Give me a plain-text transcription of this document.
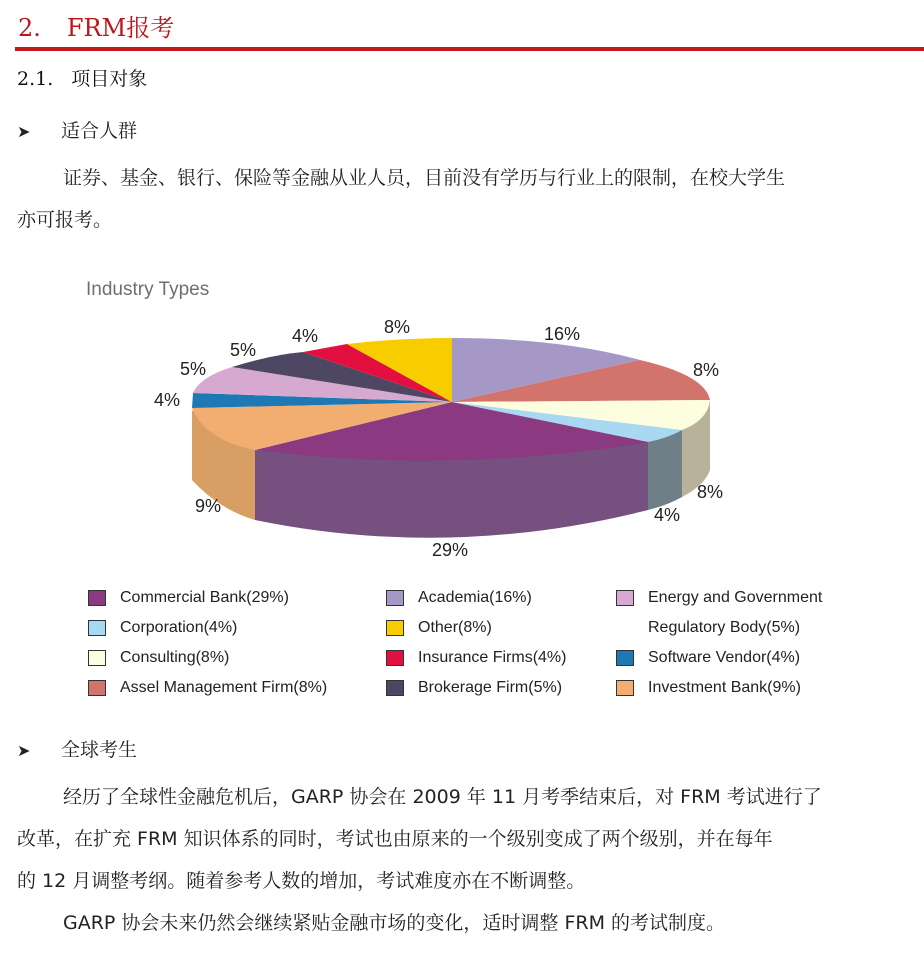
2. FRM报考
2.1. 项目对象
➤ 适合人群
证券、基金、银行、保险等金融从业人员，目前没有学历与行业上的限制，在校大学生
亦可报考。
Industry Types
16%
8%
8%
4%
29%
9%
4%
5%
5%
4%	8%
Commercial Bank(29%)
Corporation(4%)
Consulting(8%)
Assel Management Firm(8%)
Academia(16%)
Other(8%)
Insurance Firms(4%)
Brokerage Firm(5%)
Energy and Government
Regulatory Body(5%)
Software Vendor(4%)
Investment Bank(9%)
➤ 全球考生
经历了全球性金融危机后，GARP 协会在 2009 年 11 月考季结束后，对 FRM 考试进行了
改革，在扩充 FRM 知识体系的同时，考试也由原来的一个级别变成了两个级别，并在每年
的 12 月调整考纲。随着参考人数的增加，考试难度亦在不断调整。
GARP 协会未来仍然会继续紧贴金融市场的变化，适时调整 FRM 的考试制度。
